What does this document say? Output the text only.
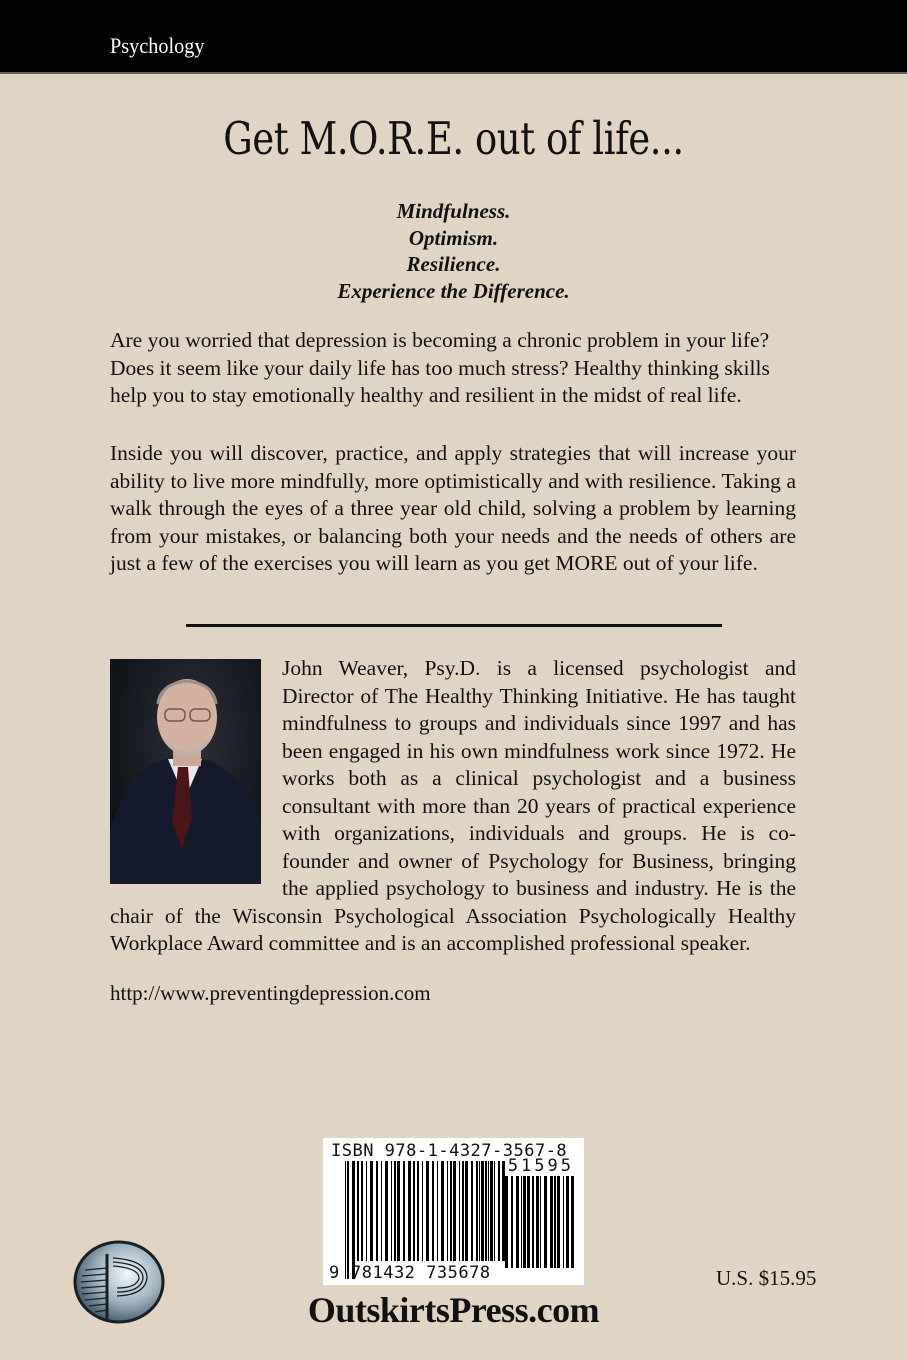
Psychology
Get M.O.R.E. out of life...
Mindfulness.
Optimism.
Resilience.
Experience the Difference.
Are you worried that depression is becoming a chronic problem in your life? Does it seem like your daily life has too much stress? Healthy thinking skills help you to stay emotionally healthy and resilient in the midst of real life.
Inside you will discover, practice, and apply strategies that will increase your ability to live more mindfully, more optimistically and with resilience. Taking a walk through the eyes of a three year old child, solving a problem by learning from your mistakes, or balancing both your needs and the needs of others are just a few of the exercises you will learn as you get MORE out of your life.
John Weaver, Psy.D. is a licensed psychologist and Director of The Healthy Thinking Initiative. He has taught mindfulness to groups and individuals since 1997 and has been engaged in his own mindfulness work since 1972. He works both as a clinical psychologist and a business consultant with more than 20 years of practical experience with organizations, individuals and groups. He is co-founder and owner of Psychology for Business, bringing the applied psychology to business and industry. He is the chair of the Wisconsin Psychological Association Psychologically Healthy Workplace Award committee and is an accomplished professional speaker.
http://www.preventingdepression.com
ISBN 978-1-4327-3567-8
51595
9 781432 735678	U.S. $15.95
OutskirtsPress.com
